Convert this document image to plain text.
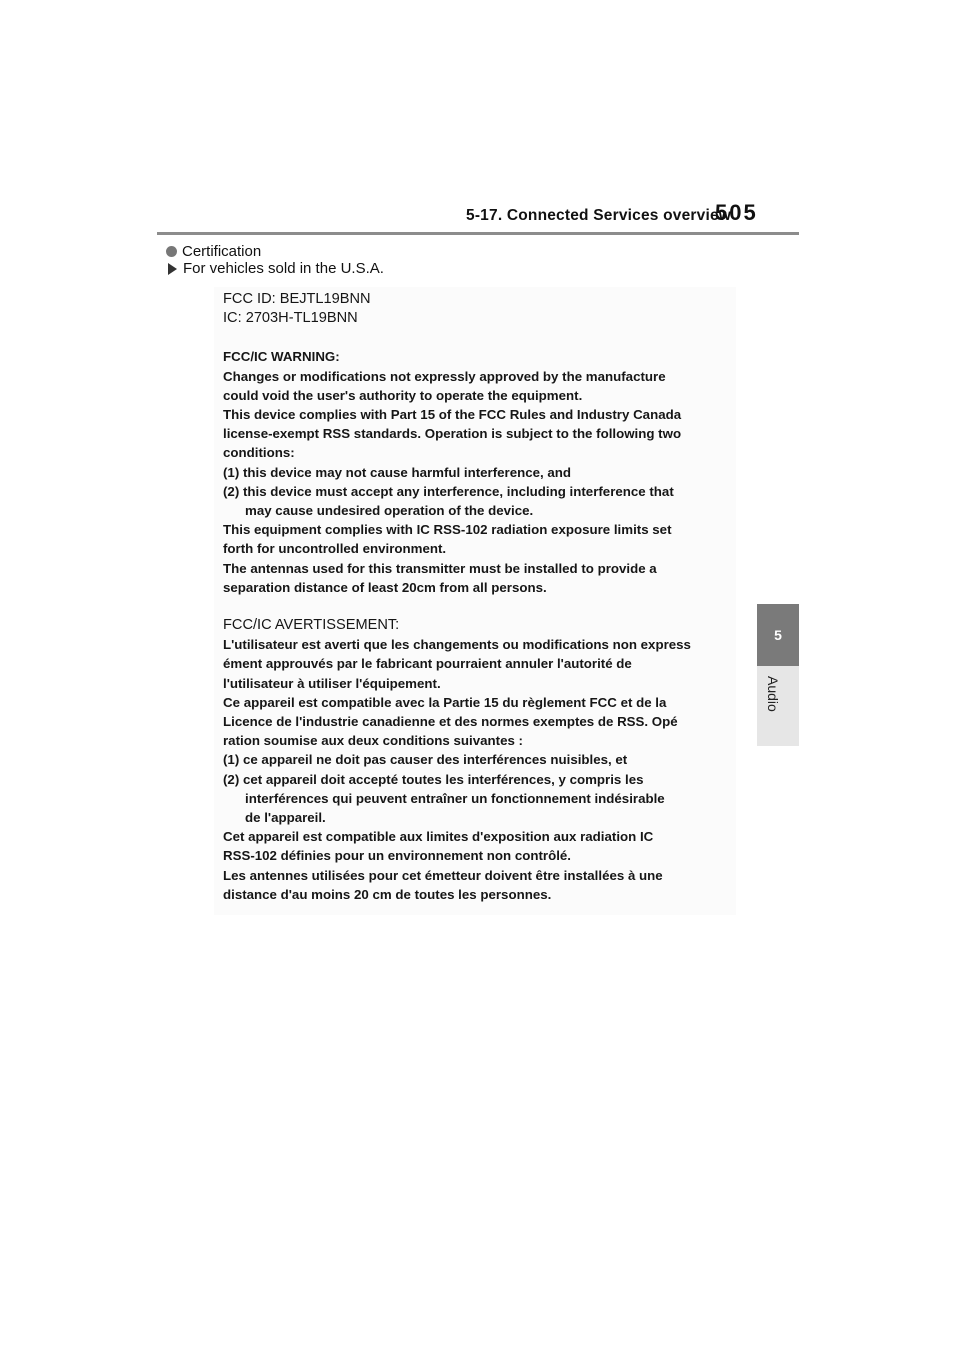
5-17. Connected Services overview
505
5
Audio
Certification
For vehicles sold in the U.S.A.

FCC ID: BEJTL19BNN

IC: 2703H-TL19BNN

FCC/IC WARNING:

Changes or modifications not expressly approved by the manufacture

could void the user's authority to operate the equipment.

This device complies with Part 15 of the FCC Rules and Industry Canada

license-exempt RSS standards. Operation is subject to the following two

conditions:

(1) this device may not cause harmful interference, and

(2) this device must accept any interference, including interference that

may cause undesired operation of the device.

This equipment complies with IC RSS-102 radiation exposure limits set

forth for uncontrolled environment.

The antennas used for this transmitter must be installed to provide a

separation distance of least 20cm from all persons.

FCC/IC AVERTISSEMENT:

L'utilisateur est averti que les changements ou modifications non express

ément approuvés par le fabricant pourraient annuler l'autorité de

l'utilisateur à utiliser l'équipement.

Ce appareil est compatible avec la Partie 15 du règlement FCC et de la

Licence de l'industrie canadienne et des normes exemptes de RSS. Opé

ration soumise aux deux conditions suivantes :

(1) ce appareil ne doit pas causer des interférences nuisibles, et

(2) cet appareil doit accepté toutes les interférences, y compris les

interférences qui peuvent entraîner un fonctionnement indésirable

de l'appareil.

Cet appareil est compatible aux limites d'exposition aux radiation IC

RSS-102 définies pour un environnement non contrôlé.

Les antennes utilisées pour cet émetteur doivent être installées à une

distance d'au moins 20 cm de toutes les personnes.
